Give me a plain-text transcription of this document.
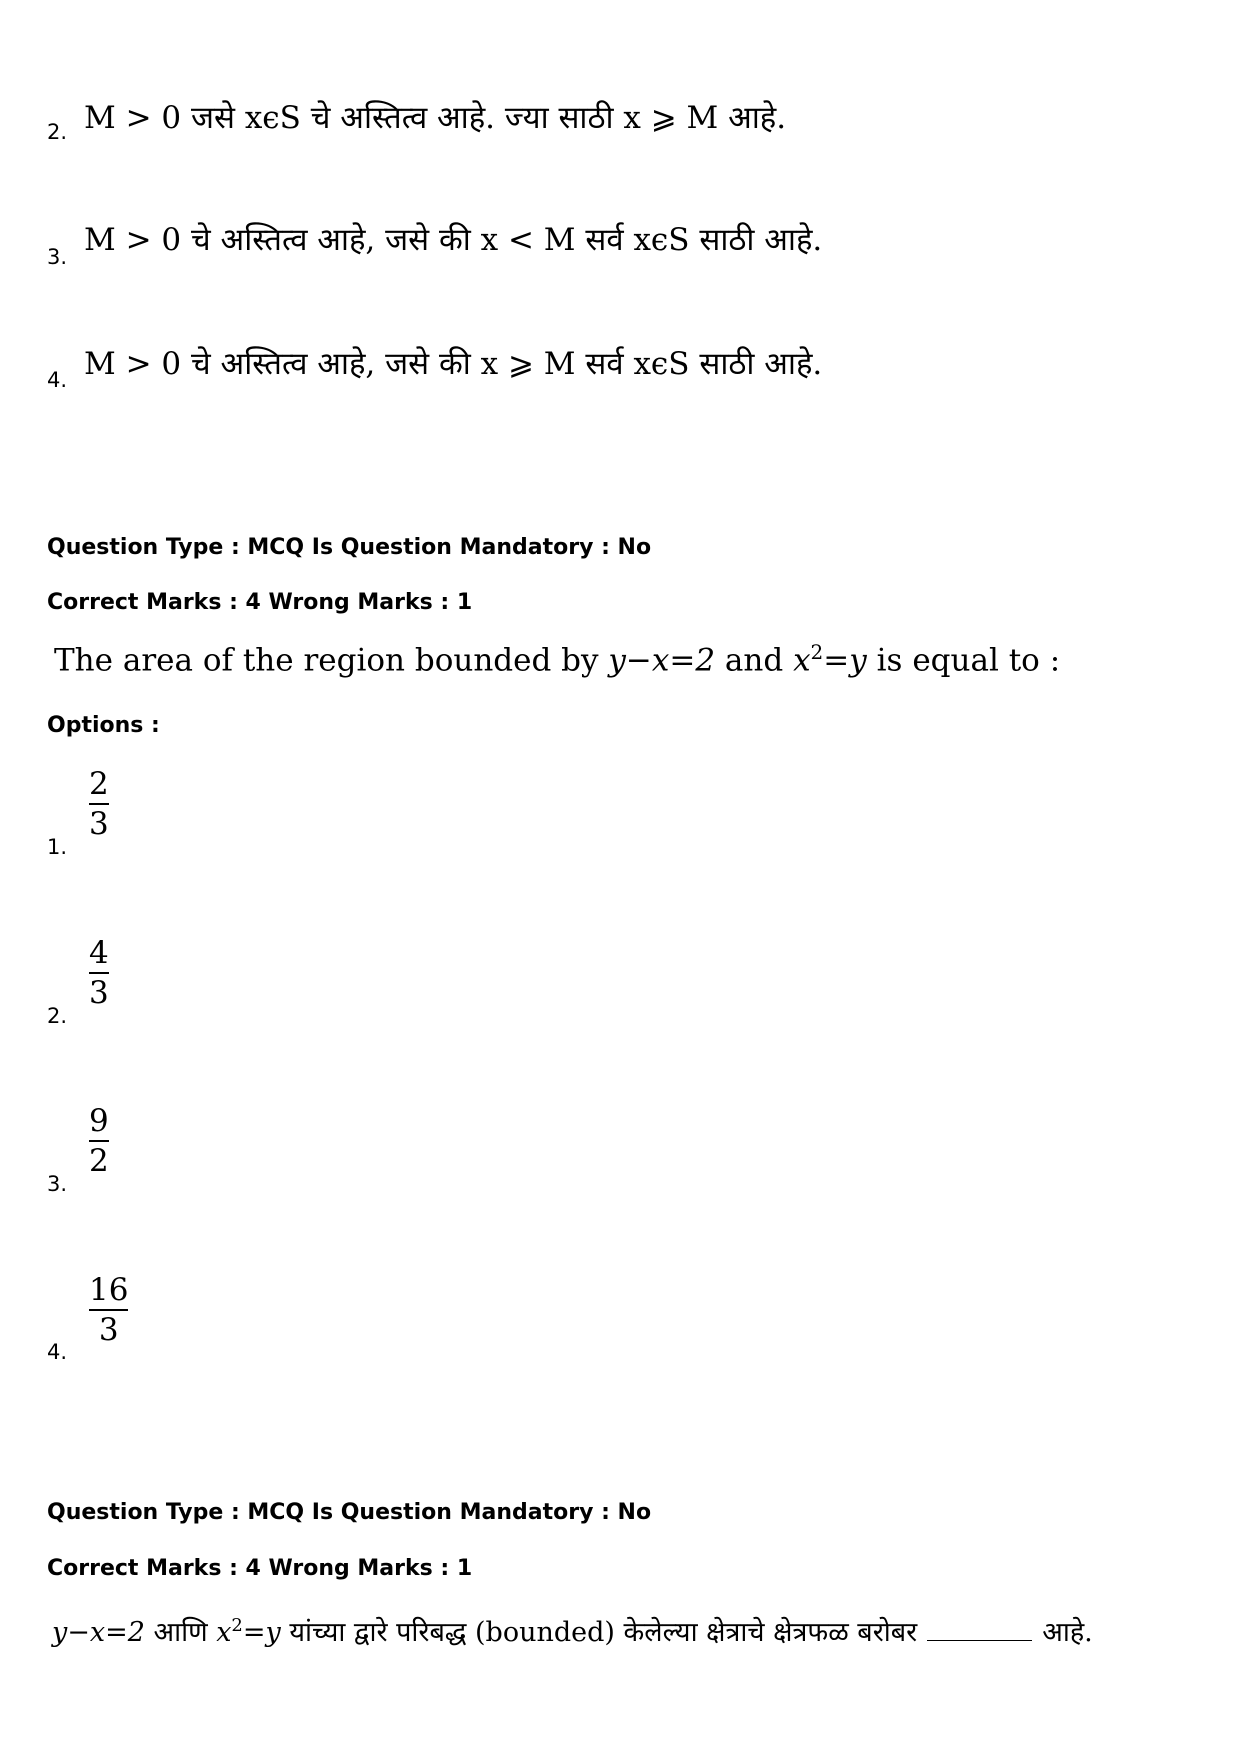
2. M > 0 जसे xϵS चे अस्तित्व आहे. ज्या साठी x ⩾ M आहे.
3. M > 0 चे अस्तित्व आहे, जसे की x < M सर्व xϵS साठी आहे.
4. M > 0 चे अस्तित्व आहे, जसे की x ⩾ M सर्व xϵS साठी आहे.
Question Type : MCQ Is Question Mandatory : No
Correct Marks : 4 Wrong Marks : 1
The area of the region bounded by y−x=2 and $x^2=y$ is equal to :
Options :
1.
2
3
2.
4
3
3.
9
2
4.
16
3
Question Type : MCQ Is Question Mandatory : No
Correct Marks : 4 Wrong Marks : 1
y−x=2 आणि $x^2=y$ यांच्या द्वारे परिबद्ध (bounded) केलेल्या क्षेत्राचे क्षेत्रफळ बरोबर	आहे.
